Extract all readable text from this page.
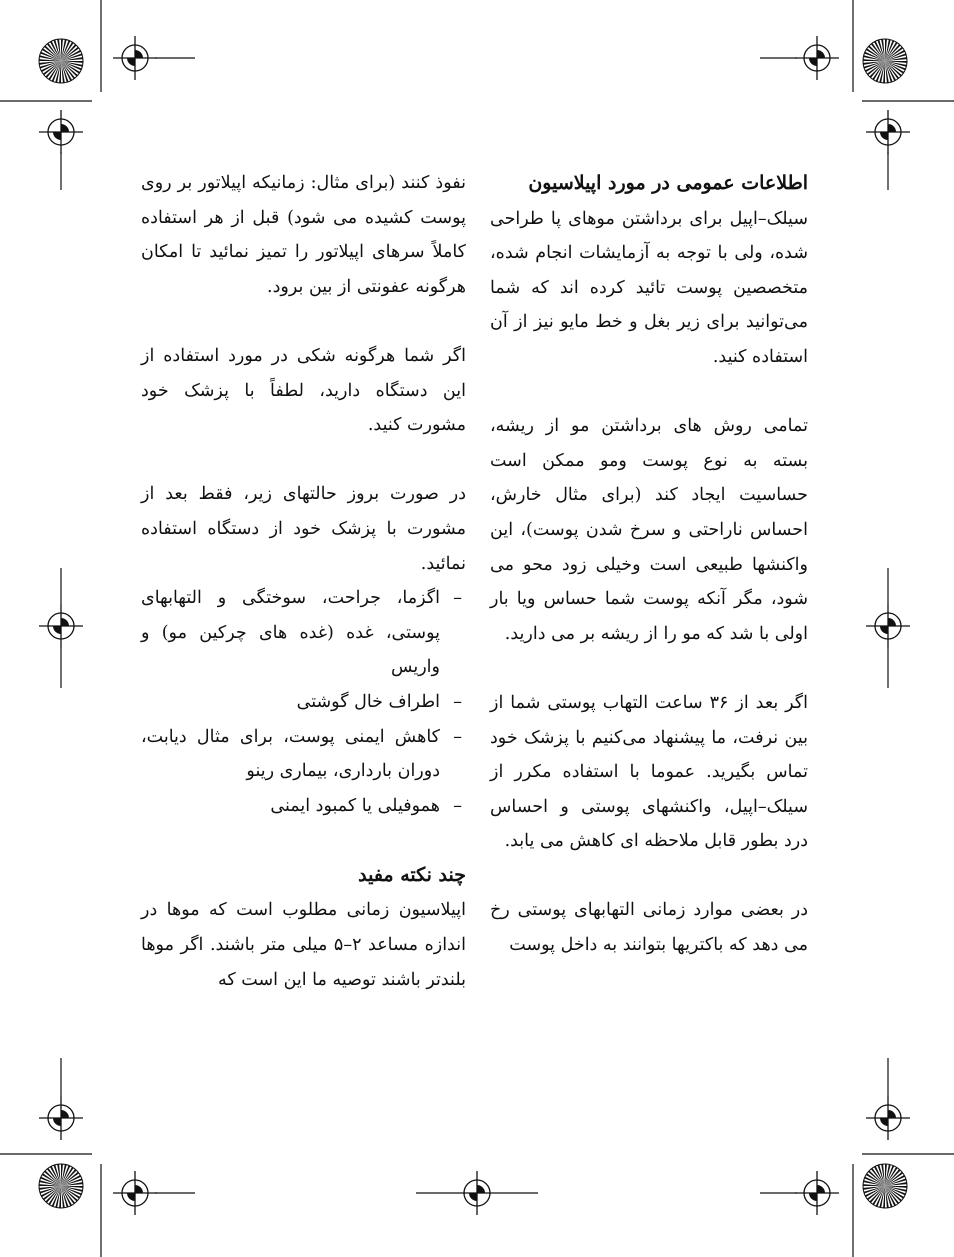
اطلاعات عمومی در مورد اپیلاسیون
سیلک–اپیل برای برداشتن موهای پا طراحی شده، ولی با توجه به آزمایشات انجام شده، متخصصین پوست تائید کرده اند که شما می‌توانید برای زیر بغل و خط مایو نیز از آن استفاده کنید.

تمامی روش های برداشتن مو از ریشه، بسته به نوع پوست ومو ممکن است حساسیت ایجاد کند (برای مثال خارش، احساس ناراحتی و سرخ شدن پوست)، این واکنشها طبیعی است وخیلی زود محو می شود، مگر آنکه پوست شما حساس ویا بار اولی با شد که مو را از ریشه بر می دارید.

اگر بعد از ۳۶ ساعت التهاب پوستی شما از بین نرفت، ما پیشنهاد می‌کنیم با پزشک خود تماس بگیرید. عموما با استفاده مکرر از سیلک–اپیل، واکنشهای پوستی و احساس درد بطور قابل ملاحظه ای کاهش می یابد.

در بعضی موارد زمانی التهابهای پوستی رخ می دهد که باکتریها بتوانند به داخل پوست

نفوذ کنند (برای مثال: زمانیکه اپیلاتور بر روی پوست کشیده می شود) قبل از هر استفاده کاملاً سرهای اپیلاتور را تمیز نمائید تا امکان هرگونه عفونتی از بین برود.

اگر شما هرگونه شکی در مورد استفاده از این دستگاه دارید، لطفاً با پزشک خود مشورت کنید.

در صورت بروز حالتهای زیر، فقط بعد از مشورت با پزشک خود از دستگاه استفاده نمائید.

–
اگزما، جراحت، سوختگی و التهابهای پوستی، غده (غده های چرکین مو) و واریس
–
اطراف خال گوشتی
–
کاهش ایمنی پوست، برای مثال دیابت، دوران بارداری، بیماری رینو
–
هموفیلی یا کمبود ایمنی

چند نکته مفید
اپیلاسیون زمانی مطلوب است که موها در اندازه مساعد ۲–۵ میلی متر باشند. اگر موها بلندتر باشند توصیه ما این است که
